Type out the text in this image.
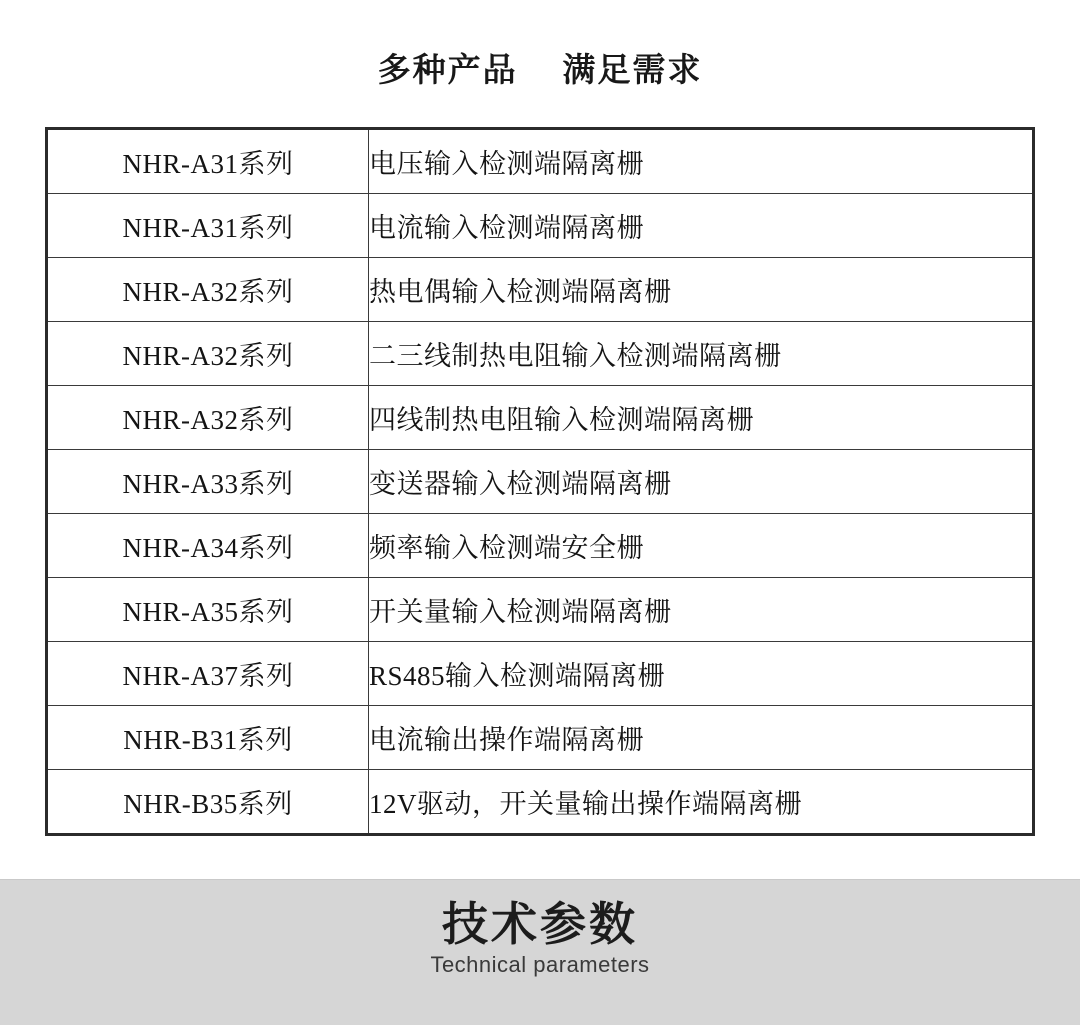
多种产品    满足需求
NHR-A31系列	电压输入检测端隔离栅
NHR-A31系列	电流输入检测端隔离栅
NHR-A32系列	热电偶输入检测端隔离栅
NHR-A32系列	二三线制热电阻输入检测端隔离栅
NHR-A32系列	四线制热电阻输入检测端隔离栅
NHR-A33系列	变送器输入检测端隔离栅
NHR-A34系列	频率输入检测端安全栅
NHR-A35系列	开关量输入检测端隔离栅
NHR-A37系列	RS485输入检测端隔离栅
NHR-B31系列	电流输出操作端隔离栅
NHR-B35系列	12V驱动，开关量输出操作端隔离栅
技术参数
Technical parameters
